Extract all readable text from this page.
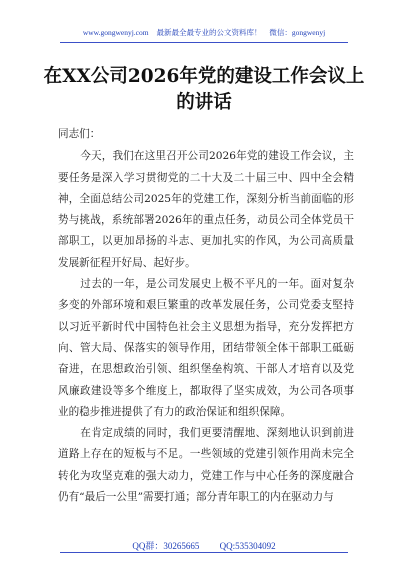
www.gongwenyj.com 最新最全最专业的公文资料库！ 微信：gongwenyj
在XX公司2026年党的建设工作会议上
的讲话

同志们：

今天，我们在这里召开公司2026年党的建设工作会议，主要任务是深入学习贯彻党的二十大及二十届三中、四中全会精神，全面总结公司2025年的党建工作，深刻分析当前面临的形势与挑战，系统部署2026年的重点任务，动员公司全体党员干部职工，以更加昂扬的斗志、更加扎实的作风，为公司高质量发展新征程开好局、起好步。

过去的一年，是公司发展史上极不平凡的一年。面对复杂多变的外部环境和艰巨繁重的改革发展任务，公司党委支堅持以习近平新时代中国特色社会主义思想为指导，充分发挥把方向、管大局、保落实的领导作用，团结带领全体干部职工砥砺奋进，在思想政治引领、组织堡垒构筑、干部人才培育以及党风廉政建设等多个维度上，都取得了坚实成效，为公司各项事业的稳步推进提供了有力的政治保证和组织保障。

在肯定成绩的同时，我们更要清醒地、深刻地认识到前进道路上存在的短板与不足。一些领域的党建引领作用尚未完全转化为攻坚克难的强大动力，党建工作与中心任务的深度融合仍有“最后一公里”需要打通；部分青年职工的内在驱动力与

QQ群：30265665 QQ:535304092
